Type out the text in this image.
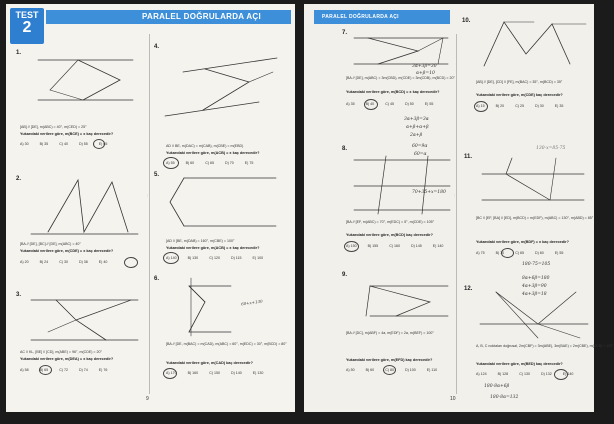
TEST
2
PARALEL DOĞRULARDA AÇI
...
1.
[AB] // [DE], m(ABC) = 40°, m(CED) = 25°
Yukarıdaki verilere göre, m(BCE) = x kaç derecedir?
A) 30	B) 35	C) 40	D) 55	E) 65
2.
[BA // [DE], [BC] // [DE], m(ABC) = 40°
Yukarıdaki verilere göre, m(CDE) = x kaç derecedir?
A) 20	B) 24	C) 30	D) 38	E) 40
3.
AC // KL, [BE] // [CD], m(ABE) = 96°, m(CDE) = 20°
Yukarıdaki verilere göre, m(DEA) = x kaç derecedir?
A) 58	B) 65	C) 72	D) 74	E) 76
4.
AD // BE, m(DAC) = m(CAB), m(CBE) = m(EBD)
Yukarıdaki verilere göre, m(ACB) = x kaç derecedir?
A) 55	B) 60	C) 65	D) 70	E) 75
5.
[AD // [BE, m(DAB) = 160°, m(CBE) = 100°
Yukarıdaki verilere göre, m(ACB) = x kaç derecedir?
A) 140	B) 130	C) 120	D) 115	E) 100
6.
60+x+130
[BA // [DE, m(BAC) = m(CAD), m(ABC) = 60°, m(EDC) = 30°, m(BCD) = 80°
Yukarıdaki verilere göre, m(CAD) kaç derecedir?
A) 170	B) 160	C) 150	D) 140	E) 130
9
PARALEL DOĞRULARDA AÇI
...
7.
3α+3β=30
α+β=10
[BA // [DE], m(ABC) = 3m(CBD), m(CDE) = 3m(CDB), m(BCD) = 20°
Yukarıdaki verilere göre, m(BCD) = x kaç derecedir?
A) 35	B) 40	C) 45	D) 50	E) 55
3α+3β=3α
α+β+α+β
2α+β
60=9α
60=α
8.
70+35+x=180
[BA // [EF, m(ABC) = 70°, m(EDC) = 5°, m(CDE) = 105°
Yukarıdaki verilere göre, m(BCD) kaç derecedir?
A) 150	B) 155	C) 160	D) 145	E) 140
9.
[BA // [DC], m(ABF) = 4a, m(EDF) = 2a, m(BEF) = 100°
Yukarıdaki verilere göre, m(EFD) kaç derecedir?
A) 50	B) 60	C) 80	D) 100	E) 110
10.
[AB] // [DE], [CD] // [FE], m(BAC) = 35°, m(BCD) = 35°
Yukarıdaki verilere göre, m(CDE) kaç derecedir?
A) 15	B) 20	C) 25	D) 30	E) 35
11.
130-x=85-75
[BC // [EF, [BA] // [ED], m(BCD) = m(EDF), m(ABC) = 130°, m(ABD) = 85°
Yukarıdaki verilere göre, m(BDF) = x kaç derecedir?
A) 75	B) 70	C) 65	D) 60	E) 55
180-75=105
12.
8α+6β=180
4α+3β=90
4α+3β=18
A, B, C noktaları doğrusal, 2m(CBF) = 3m(ABE), 3m(BAE) = 2m(CBE), m(AEB) = 100°
Yukarıdaki verilere göre, m(BED) kaç derecedir?
A) 124	B) 128	C) 130	D) 132	E) 140
180-8α+6β
180-8α=132
10
